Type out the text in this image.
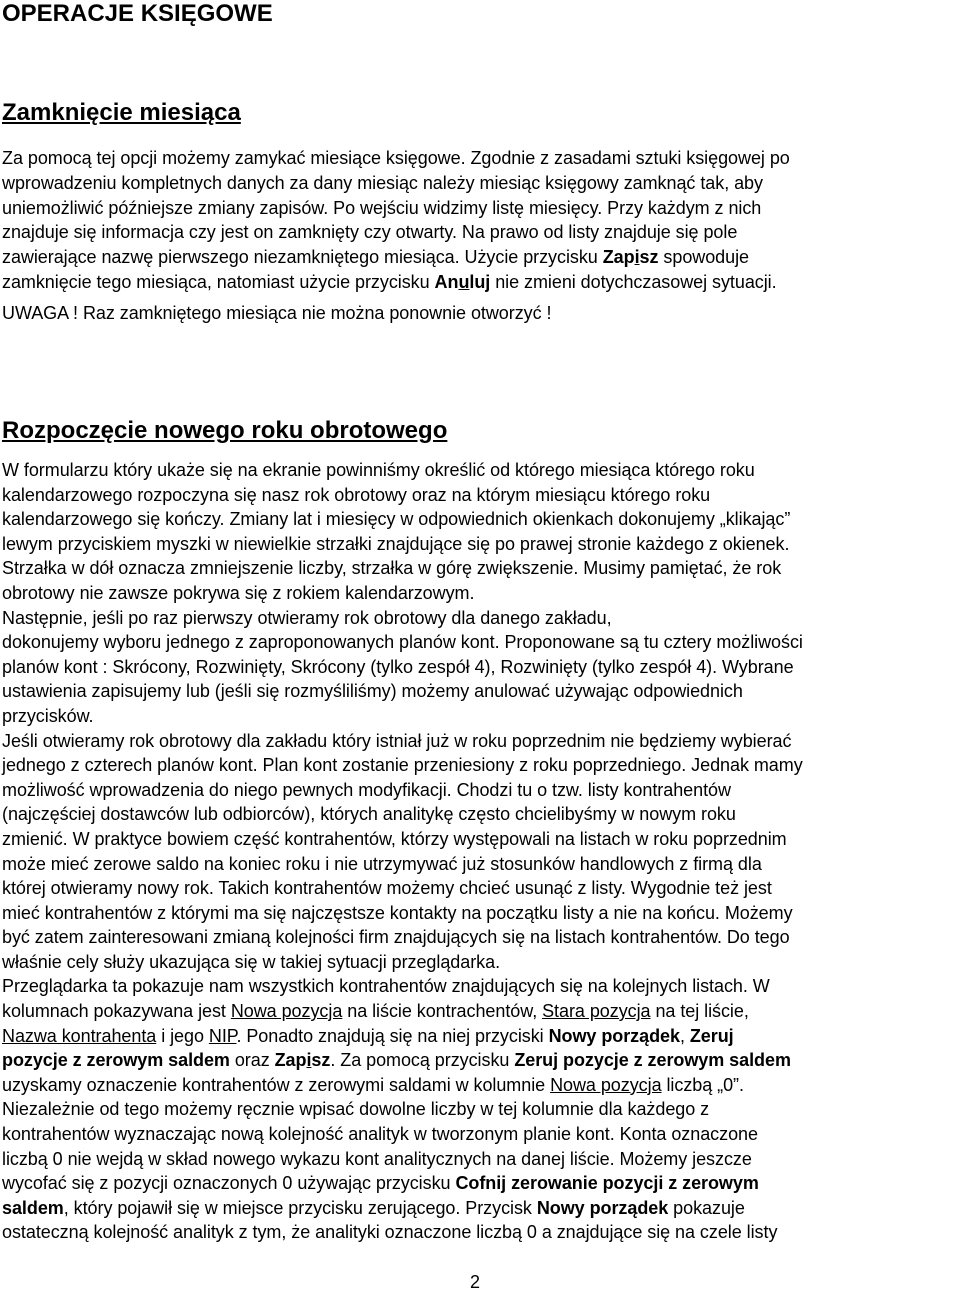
OPERACJE KSIĘGOWE
Zamknięcie miesiąca

Za pomocą tej opcji możemy zamykać miesiące księgowe. Zgodnie z zasadami sztuki księgowej po

wprowadzeniu kompletnych danych za dany miesiąc należy miesiąc księgowy zamknąć tak, aby

uniemożliwić późniejsze zmiany zapisów. Po wejściu widzimy listę miesięcy. Przy każdym z nich

znajduje się informacja czy jest on zamknięty czy otwarty. Na prawo od listy znajduje się pole

zawierające nazwę pierwszego niezamkniętego miesiąca. Użycie przycisku Zapisz spowoduje

zamknięcie tego miesiąca, natomiast użycie przycisku Anuluj nie zmieni dotychczasowej sytuacji.

UWAGA ! Raz zamkniętego miesiąca nie można ponownie otworzyć !

Rozpoczęcie nowego roku obrotowego

W formularzu który ukaże się na ekranie powinniśmy określić od którego miesiąca którego roku

kalendarzowego rozpoczyna się nasz rok obrotowy oraz na którym miesiącu którego roku

kalendarzowego się kończy. Zmiany lat i miesięcy w odpowiednich okienkach dokonujemy „klikając”

lewym przyciskiem myszki w niewielkie strzałki znajdujące się po prawej stronie każdego z okienek.

Strzałka w dół oznacza zmniejszenie liczby, strzałka w górę zwiększenie. Musimy pamiętać, że rok

obrotowy nie zawsze pokrywa się z rokiem kalendarzowym.

Następnie, jeśli po raz pierwszy otwieramy rok obrotowy dla danego zakładu,

dokonujemy wyboru jednego z zaproponowanych planów kont. Proponowane są tu cztery możliwości

planów kont : Skrócony, Rozwinięty, Skrócony (tylko zespół 4), Rozwinięty (tylko zespół 4). Wybrane

ustawienia zapisujemy lub (jeśli się rozmyśliliśmy) możemy anulować używając odpowiednich

przycisków.

Jeśli otwieramy rok obrotowy dla zakładu który istniał już w roku poprzednim nie będziemy wybierać

jednego z czterech planów kont. Plan kont zostanie przeniesiony z roku poprzedniego. Jednak mamy

możliwość wprowadzenia do niego pewnych modyfikacji. Chodzi tu o tzw. listy kontrahentów

(najczęściej dostawców lub odbiorców), których analitykę często chcielibyśmy w nowym roku

zmienić. W praktyce bowiem część kontrahentów, którzy występowali na listach w roku poprzednim

może mieć zerowe saldo na koniec roku i nie utrzymywać już stosunków handlowych z firmą dla

której otwieramy nowy rok. Takich kontrahentów możemy chcieć usunąć z listy. Wygodnie też jest

mieć kontrahentów z którymi ma się najczęstsze kontakty na początku listy a nie na końcu. Możemy

być zatem zainteresowani zmianą kolejności firm znajdujących się na listach kontrahentów. Do tego

właśnie cely służy ukazująca się w takiej sytuacji przeglądarka.

Przeglądarka ta pokazuje nam wszystkich kontrahentów znajdujących się na kolejnych listach. W

kolumnach pokazywana jest Nowa pozycja na liście kontrachentów, Stara pozycja na tej liście,

Nazwa kontrahenta i jego NIP. Ponadto znajdują się na niej przyciski Nowy porządek, Zeruj

pozycje z zerowym saldem oraz Zapisz. Za pomocą przycisku Zeruj pozycje z zerowym saldem

uzyskamy oznaczenie kontrahentów z zerowymi saldami w kolumnie Nowa pozycja liczbą „0”.

Niezależnie od tego możemy ręcznie wpisać dowolne liczby w tej kolumnie dla każdego z

kontrahentów wyznaczając nową kolejność analityk w tworzonym planie kont. Konta oznaczone

liczbą 0 nie wejdą w skład nowego wykazu kont analitycznych na danej liście. Możemy jeszcze

wycofać się z pozycji oznaczonych 0 używając przycisku Cofnij zerowanie pozycji z zerowym

saldem, który pojawił się w miejsce przycisku zerującego. Przycisk Nowy porządek pokazuje

ostateczną kolejność analityk z tym, że analityki oznaczone liczbą 0 a znajdujące się na czele listy

2
